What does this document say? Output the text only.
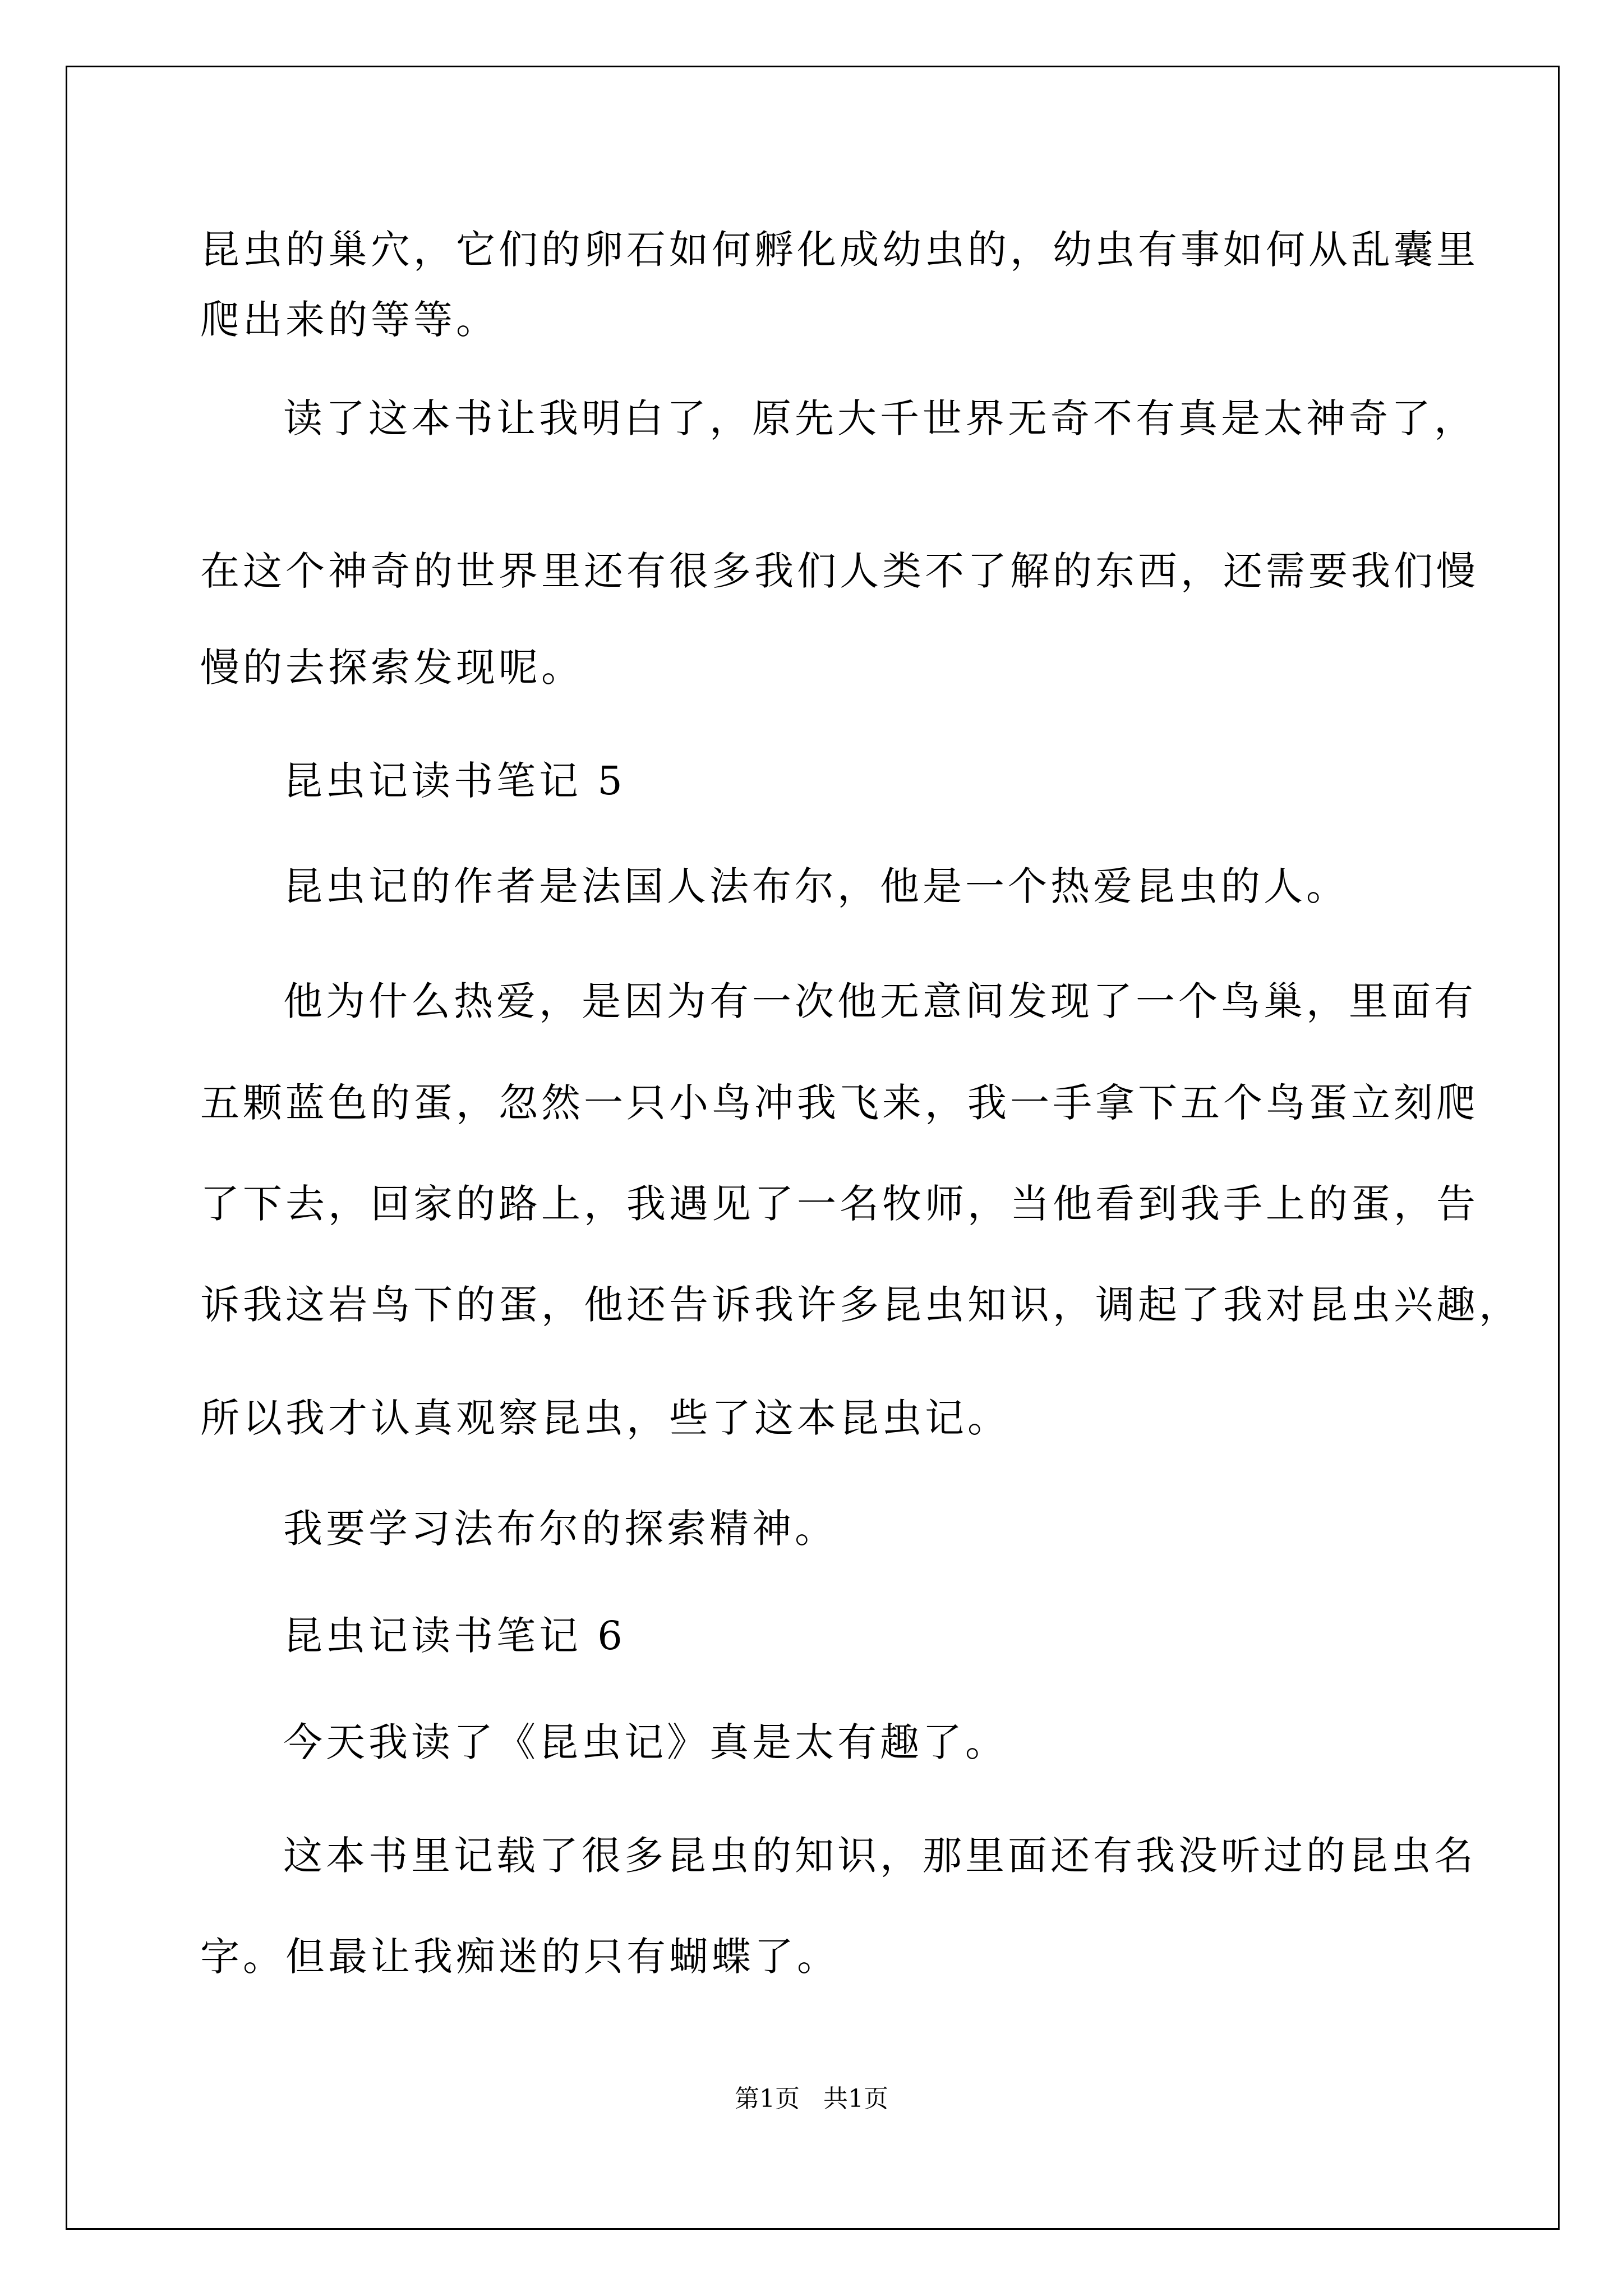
昆虫的巢穴，它们的卵石如何孵化成幼虫的，幼虫有事如何从乱囊里
爬出来的等等。
读了这本书让我明白了，原先大千世界无奇不有真是太神奇了，
在这个神奇的世界里还有很多我们人类不了解的东西，还需要我们慢
慢的去探索发现呢。
昆虫记读书笔记 5
昆虫记的作者是法国人法布尔，他是一个热爱昆虫的人。
他为什么热爱，是因为有一次他无意间发现了一个鸟巢，里面有
五颗蓝色的蛋，忽然一只小鸟冲我飞来，我一手拿下五个鸟蛋立刻爬
了下去，回家的路上，我遇见了一名牧师，当他看到我手上的蛋，告
诉我这岩鸟下的蛋，他还告诉我许多昆虫知识，调起了我对昆虫兴趣，
所以我才认真观察昆虫，些了这本昆虫记。
我要学习法布尔的探索精神。
昆虫记读书笔记 6
今天我读了《昆虫记》真是太有趣了。
这本书里记载了很多昆虫的知识，那里面还有我没听过的昆虫名
字。但最让我痴迷的只有蝴蝶了。
第1页   共1页
